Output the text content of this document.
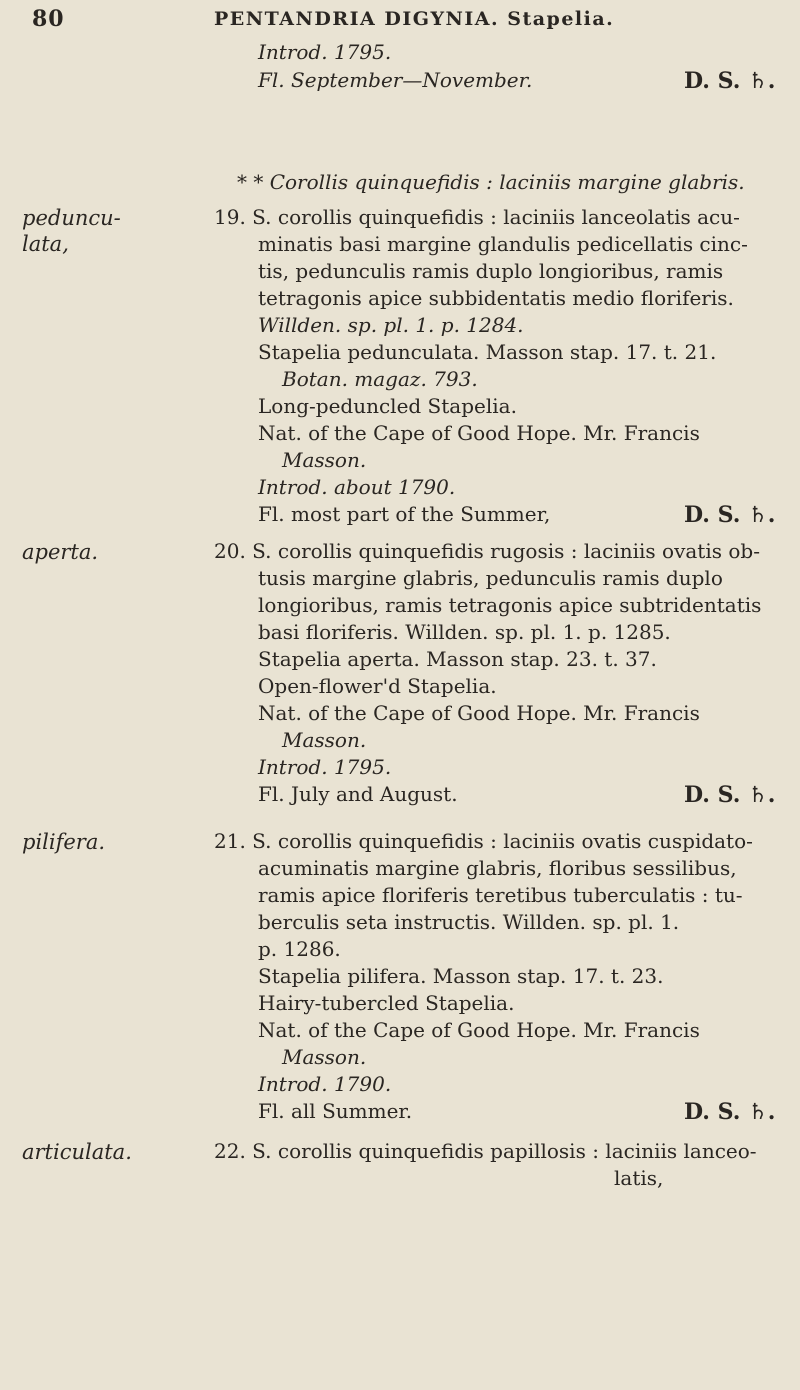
80	PENTANDRIA DIGYNIA. Stapelia.
Introd. 1795.
Fl. September—November.	D. S. ♄.
* * Corollis quinquefidis : laciniis margine glabris.
peduncu-
lata,
19. S. corollis quinquefidis : laciniis lanceolatis acu-
minatis basi margine glandulis pedicellatis cinc-
tis, pedunculis ramis duplo longioribus, ramis
tetragonis apice subbidentatis medio floriferis.
Willden. sp. pl. 1. p. 1284.
Stapelia pedunculata. Masson stap. 17. t. 21.
Botan. magaz. 793.
Long-peduncled Stapelia.
Nat. of the Cape of Good Hope. Mr. Francis
Masson.
Introd. about 1790.
Fl. most part of the Summer,	D. S. ♄.
aperta.	20. S. corollis quinquefidis rugosis : laciniis ovatis ob-
tusis margine glabris, pedunculis ramis duplo
longioribus, ramis tetragonis apice subtridentatis
basi floriferis. Willden. sp. pl. 1. p. 1285.
Stapelia aperta. Masson stap. 23. t. 37.
Open-flower'd Stapelia.
Nat. of the Cape of Good Hope. Mr. Francis
Masson.
Introd. 1795.
Fl. July and August.	D. S. ♄.
pilifera.	21. S. corollis quinquefidis : laciniis ovatis cuspidato-
acuminatis margine glabris, floribus sessilibus,
ramis apice floriferis teretibus tuberculatis : tu-
berculis seta instructis. Willden. sp. pl. 1.
p. 1286.
Stapelia pilifera. Masson stap. 17. t. 23.
Hairy-tubercled Stapelia.
Nat. of the Cape of Good Hope. Mr. Francis
Masson.
Introd. 1790.
Fl. all Summer.	D. S. ♄.
articulata.	22. S. corollis quinquefidis papillosis : laciniis lanceo-
latis,
